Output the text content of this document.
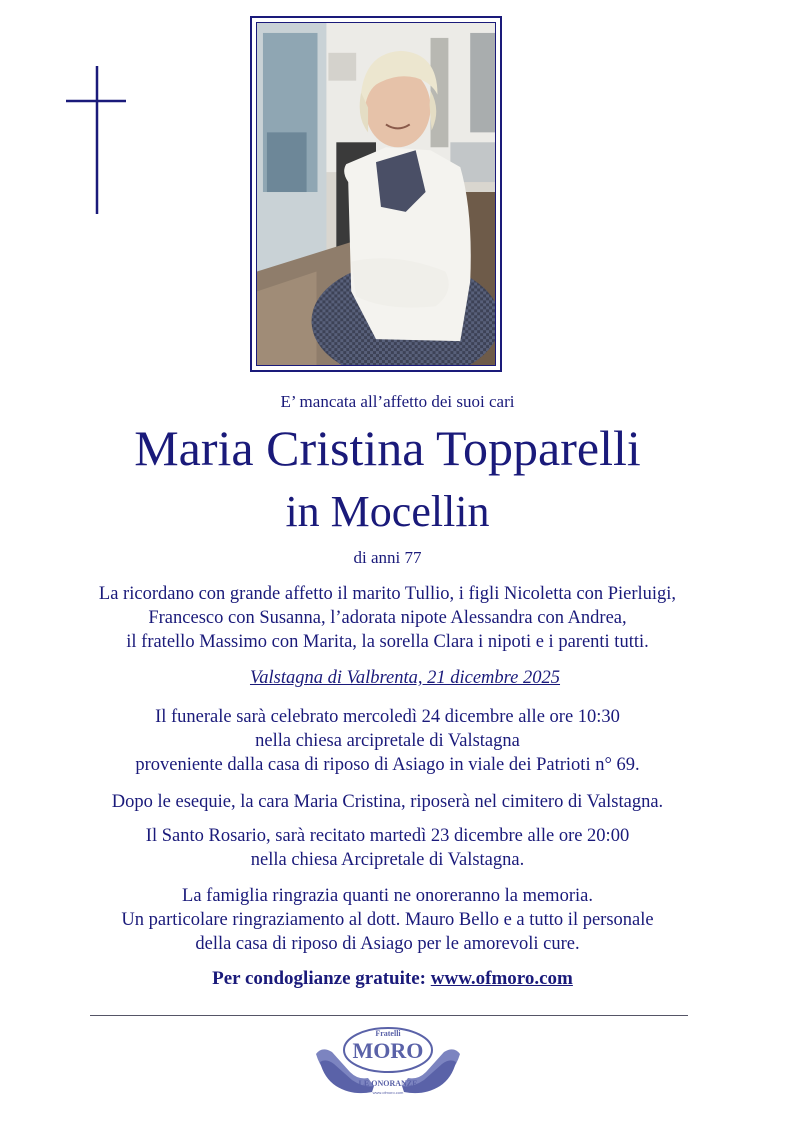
E’ mancata all’affetto dei suoi cari
Maria Cristina Topparelli
in Mocellin
di anni 77

La ricordano con grande affetto il marito Tullio, i figli Nicoletta con Pierluigi,

Francesco con Susanna, l’adorata nipote Alessandra con Andrea,

il fratello Massimo con Marita, la sorella Clara i nipoti e i parenti tutti.

Valstagna di Valbrenta, 21 dicembre 2025

Il funerale sarà celebrato mercoledì 24 dicembre alle ore 10:30

nella chiesa arcipretale di Valstagna

proveniente dalla casa di riposo di Asiago in viale dei Patrioti n° 69.

Dopo le esequie, la cara Maria Cristina, riposerà nel cimitero di Valstagna.

Il Santo Rosario, sarà recitato martedì 23 dicembre alle ore 20:00

nella chiesa Arcipretale di Valstagna.

La famiglia ringrazia quanti ne onoreranno la memoria.

Un particolare ringraziamento al dott. Mauro Bello e a tutto il personale

della casa di riposo di Asiago per le amorevoli cure.

Per condoglianze gratuite: www.ofmoro.com
Fratelli
MORO
LE ONORANZE
www.ofmoro.com
